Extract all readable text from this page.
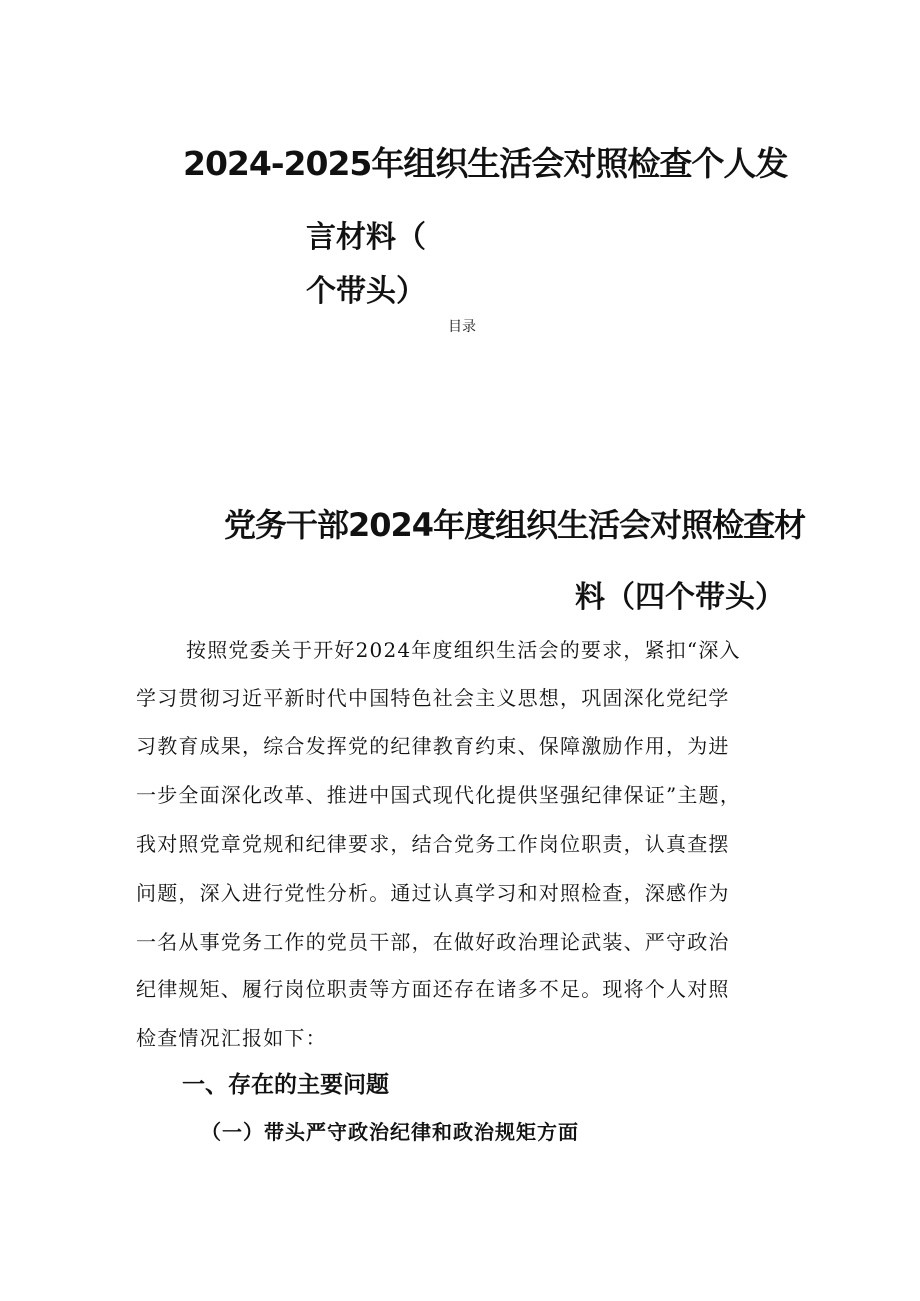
2024-2025年组织生活会对照检查个人发
言材料（
个带头）
目录
党务干部2024年度组织生活会对照检查材
料（四个带头）

按照党委关于开好2024年度组织生活会的要求，紧扣“深入

学习贯彻习近平新时代中国特色社会主义思想，巩固深化党纪学

习教育成果，综合发挥党的纪律教育约束、保障激励作用，为进

一步全面深化改革、推进中国式现代化提供坚强纪律保证”主题，

我对照党章党规和纪律要求，结合党务工作岗位职责，认真查摆

问题，深入进行党性分析。通过认真学习和对照检查，深感作为

一名从事党务工作的党员干部，在做好政治理论武装、严守政治

纪律规矩、履行岗位职责等方面还存在诸多不足。现将个人对照

检查情况汇报如下：

一、存在的主要问题
（一）带头严守政治纪律和政治规矩方面
